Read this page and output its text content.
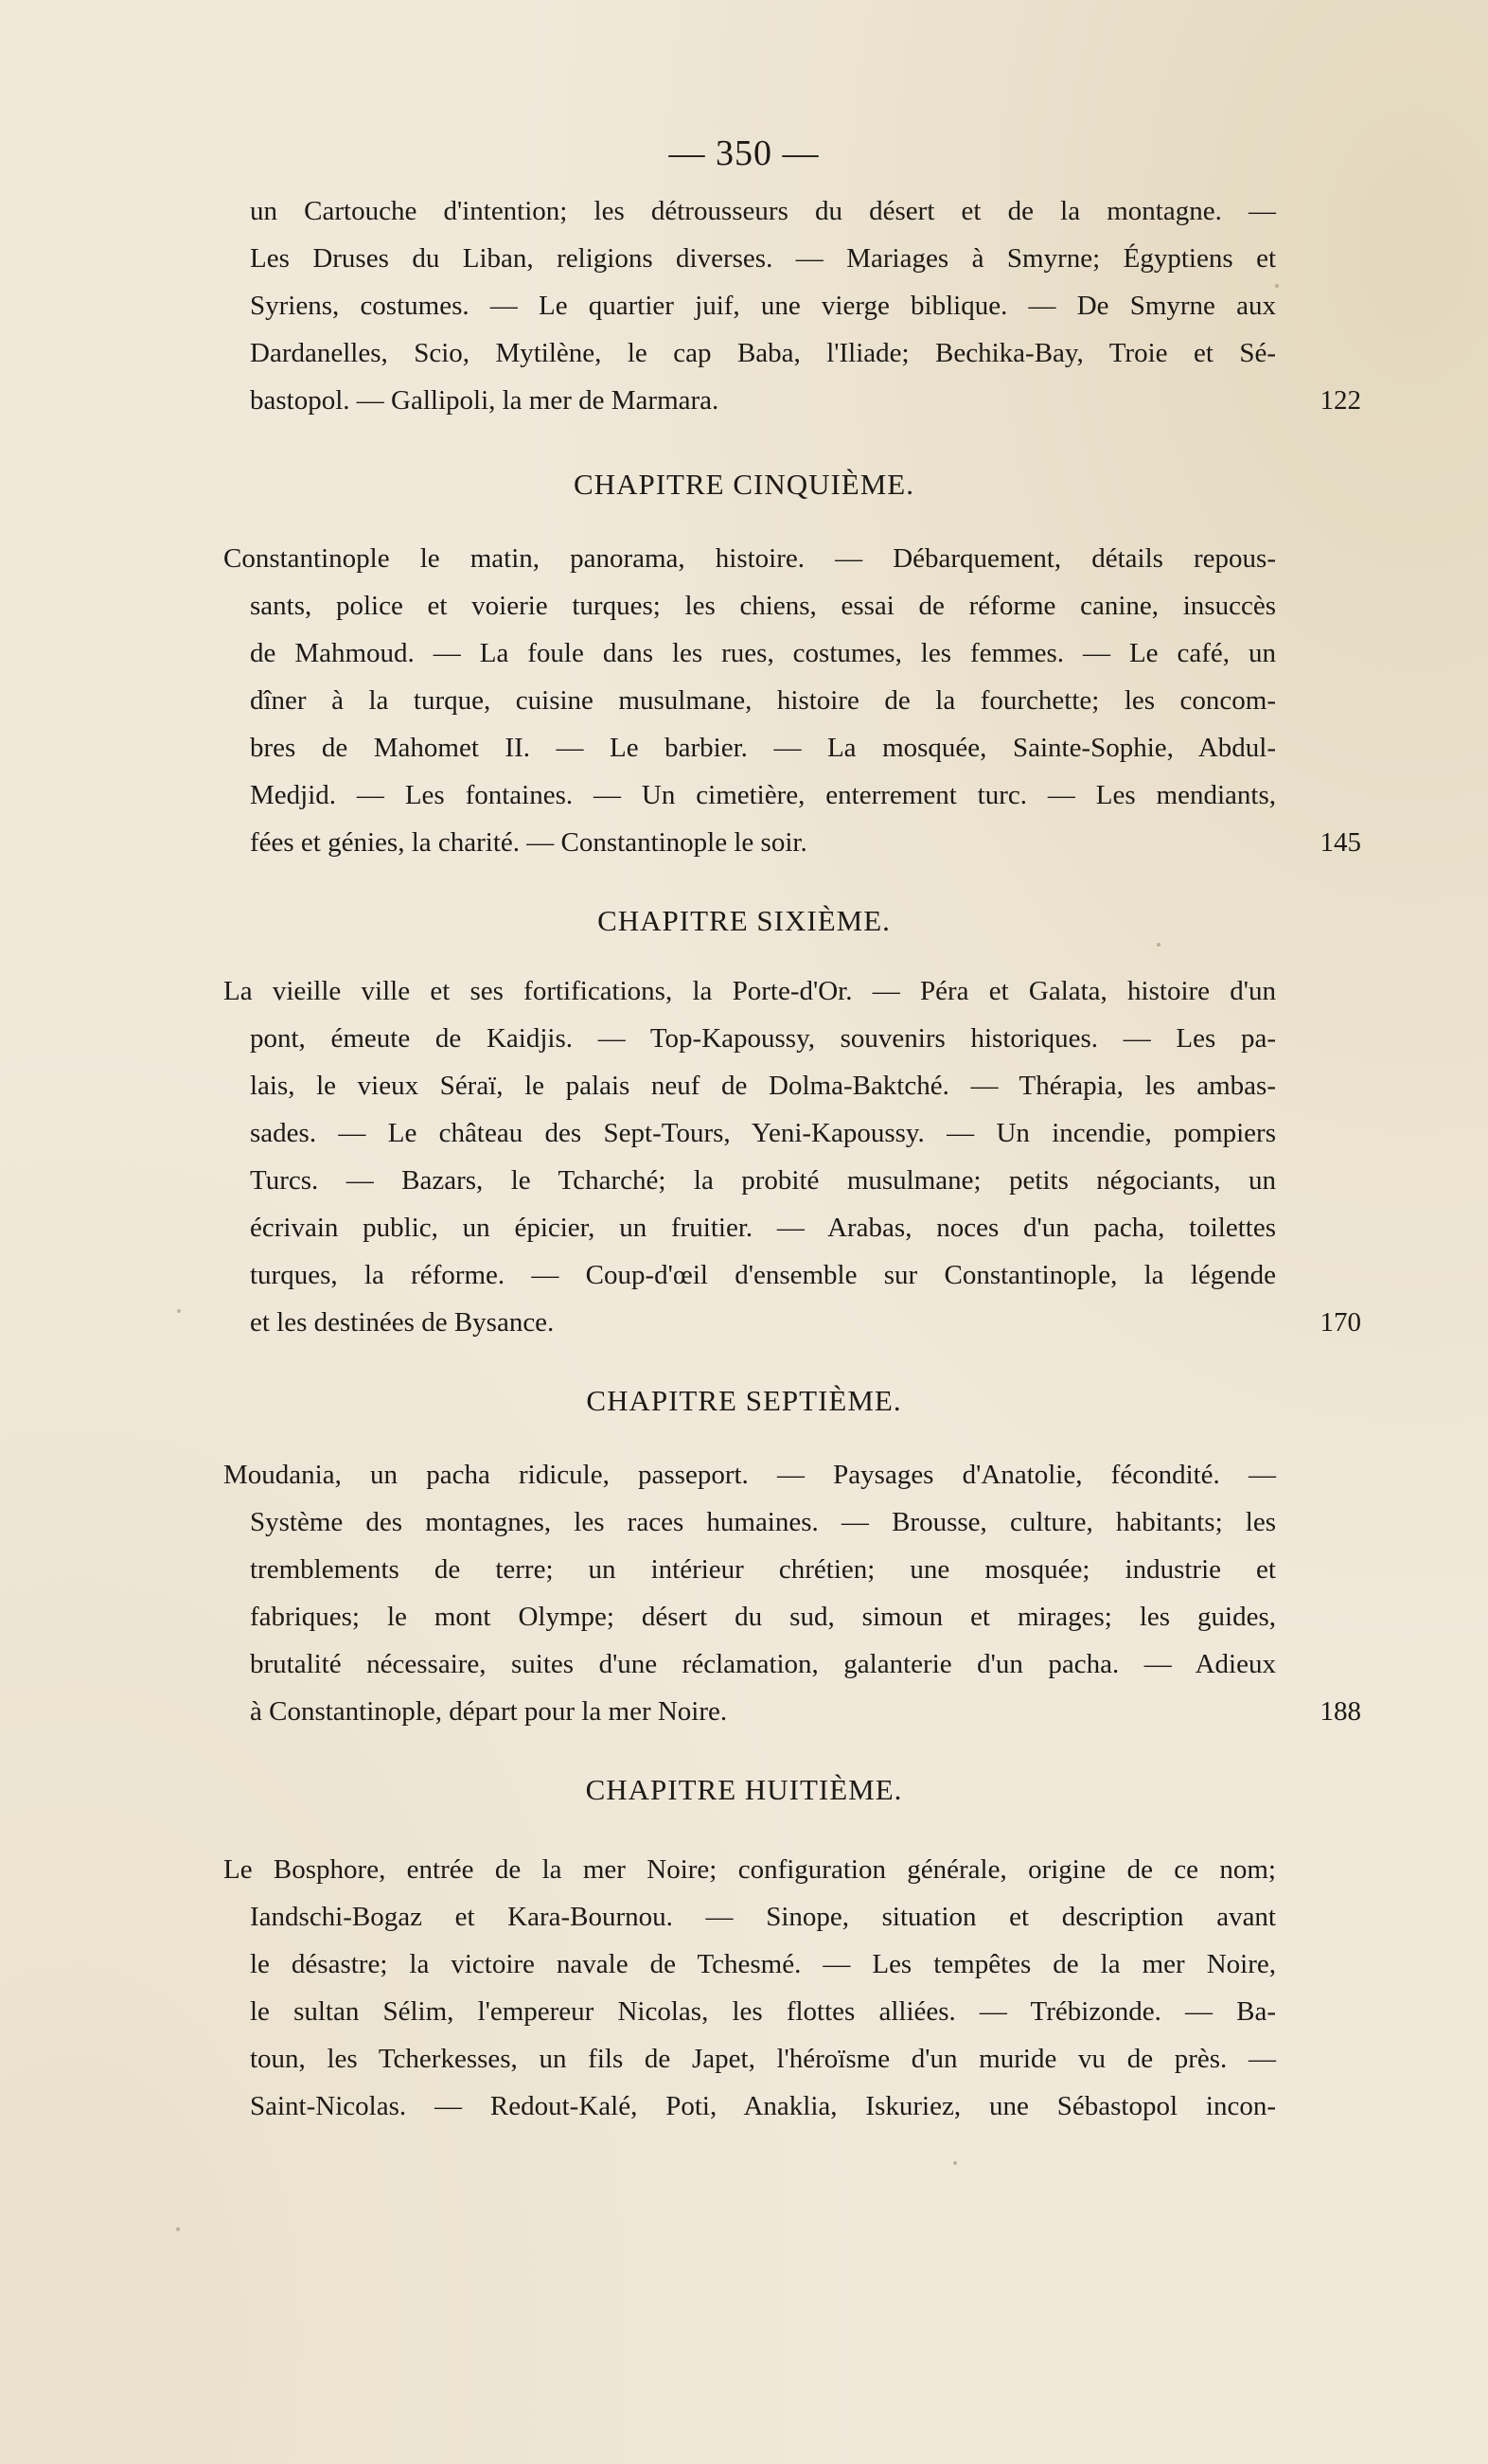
— 350 —

un Cartouche d'intention; les détrousseurs du désert et de la montagne. —

Les Druses du Liban, religions diverses. — Mariages à Smyrne; Égyptiens et

Syriens, costumes. — Le quartier juif, une vierge biblique. — De Smyrne aux

Dardanelles, Scio, Mytilène, le cap Baba, l'Iliade; Bechika-Bay, Troie et Sé-

bastopol. — Gallipoli, la mer de Marmara.	122
CHAPITRE CINQUIÈME.

Constantinople le matin, panorama, histoire. — Débarquement, détails repous-

sants, police et voierie turques; les chiens, essai de réforme canine, insuccès

de Mahmoud. — La foule dans les rues, costumes, les femmes. — Le café, un

dîner à la turque, cuisine musulmane, histoire de la fourchette; les concom-

bres de Mahomet II. — Le barbier. — La mosquée, Sainte-Sophie, Abdul-

Medjid. — Les fontaines. — Un cimetière, enterrement turc. — Les mendiants,

fées et génies, la charité. — Constantinople le soir.	145
CHAPITRE SIXIÈME.

La vieille ville et ses fortifications, la Porte-d'Or. — Péra et Galata, histoire d'un

pont, émeute de Kaidjis. — Top-Kapoussy, souvenirs historiques. — Les pa-

lais, le vieux Séraï, le palais neuf de Dolma-Baktché. — Thérapia, les ambas-

sades. — Le château des Sept-Tours, Yeni-Kapoussy. — Un incendie, pompiers

Turcs. — Bazars, le Tcharché; la probité musulmane; petits négociants, un

écrivain public, un épicier, un fruitier. — Arabas, noces d'un pacha, toilettes

turques, la réforme. — Coup-d'œil d'ensemble sur Constantinople, la légende

et les destinées de Bysance.	170
CHAPITRE SEPTIÈME.

Moudania, un pacha ridicule, passeport. — Paysages d'Anatolie, fécondité. —

Système des montagnes, les races humaines. — Brousse, culture, habitants; les

tremblements de terre; un intérieur chrétien; une mosquée; industrie et

fabriques; le mont Olympe; désert du sud, simoun et mirages; les guides,

brutalité nécessaire, suites d'une réclamation, galanterie d'un pacha. — Adieux

à Constantinople, départ pour la mer Noire.	188
CHAPITRE HUITIÈME.

Le Bosphore, entrée de la mer Noire; configuration générale, origine de ce nom;

Iandschi-Bogaz et Kara-Bournou. — Sinope, situation et description avant

le désastre; la victoire navale de Tchesmé. — Les tempêtes de la mer Noire,

le sultan Sélim, l'empereur Nicolas, les flottes alliées. — Trébizonde. — Ba-

toun, les Tcherkesses, un fils de Japet, l'héroïsme d'un muride vu de près. —

Saint-Nicolas. — Redout-Kalé, Poti, Anaklia, Iskuriez, une Sébastopol incon-
